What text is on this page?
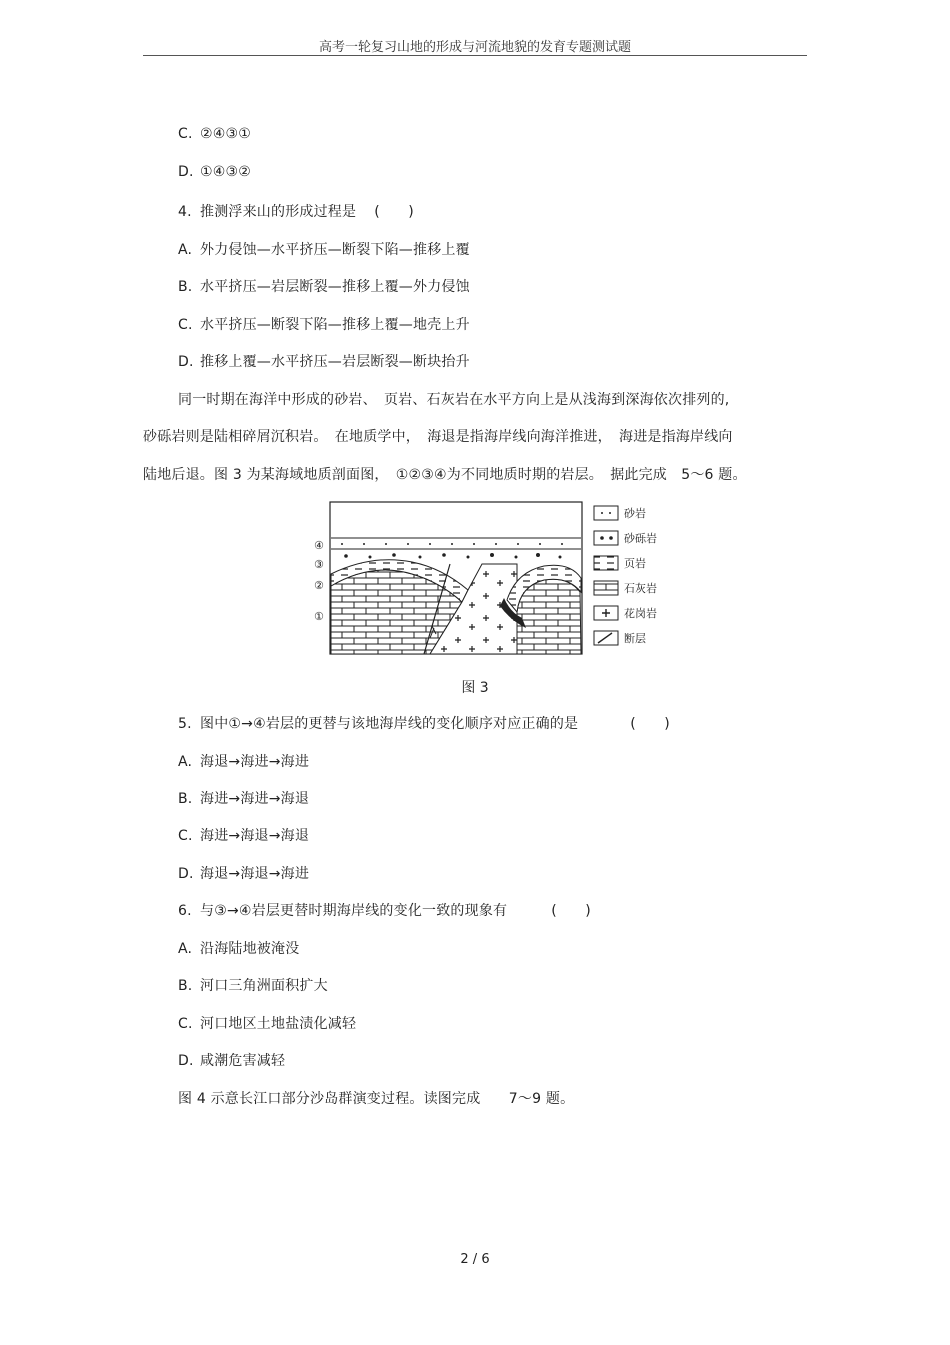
高考一轮复习山地的形成与河流地貌的发育专题测试题
C. ②④③①
D. ①④③②
4. 推测浮来山的形成过程是 (　　)
A. 外力侵蚀—水平挤压—断裂下陷—推移上覆
B. 水平挤压—岩层断裂—推移上覆—外力侵蚀
C. 水平挤压—断裂下陷—推移上覆—地壳上升
D. 推移上覆—水平挤压—岩层断裂—断块抬升
同一时期在海洋中形成的砂岩、　页岩、石灰岩在水平方向上是从浅海到深海依次排列的,
砂砾岩则是陆相碎屑沉积岩。　在地质学中，　海退是指海岸线向海洋推进，　海进是指海岸线向
陆地后退。图 3 为某海域地质剖面图，　①②③④为不同地质时期的岩层。　据此完成　5～6 题。
④
③
②
①
砂岩
砂砾岩
页岩
石灰岩
花岗岩
断层
图 3
5. 图中①→④岩层的更替与该地海岸线的变化顺序对应正确的是	(　　)
A. 海退→海进→海进
B. 海进→海进→海退
C. 海进→海退→海退
D. 海退→海退→海进
6. 与③→④岩层更替时期海岸线的变化一致的现象有	(　　)
A. 沿海陆地被淹没
B. 河口三角洲面积扩大
C. 河口地区土地盐渍化减轻
D. 咸潮危害减轻
图 4 示意长江口部分沙岛群演变过程。读图完成　　7～9 题。
2 / 6
